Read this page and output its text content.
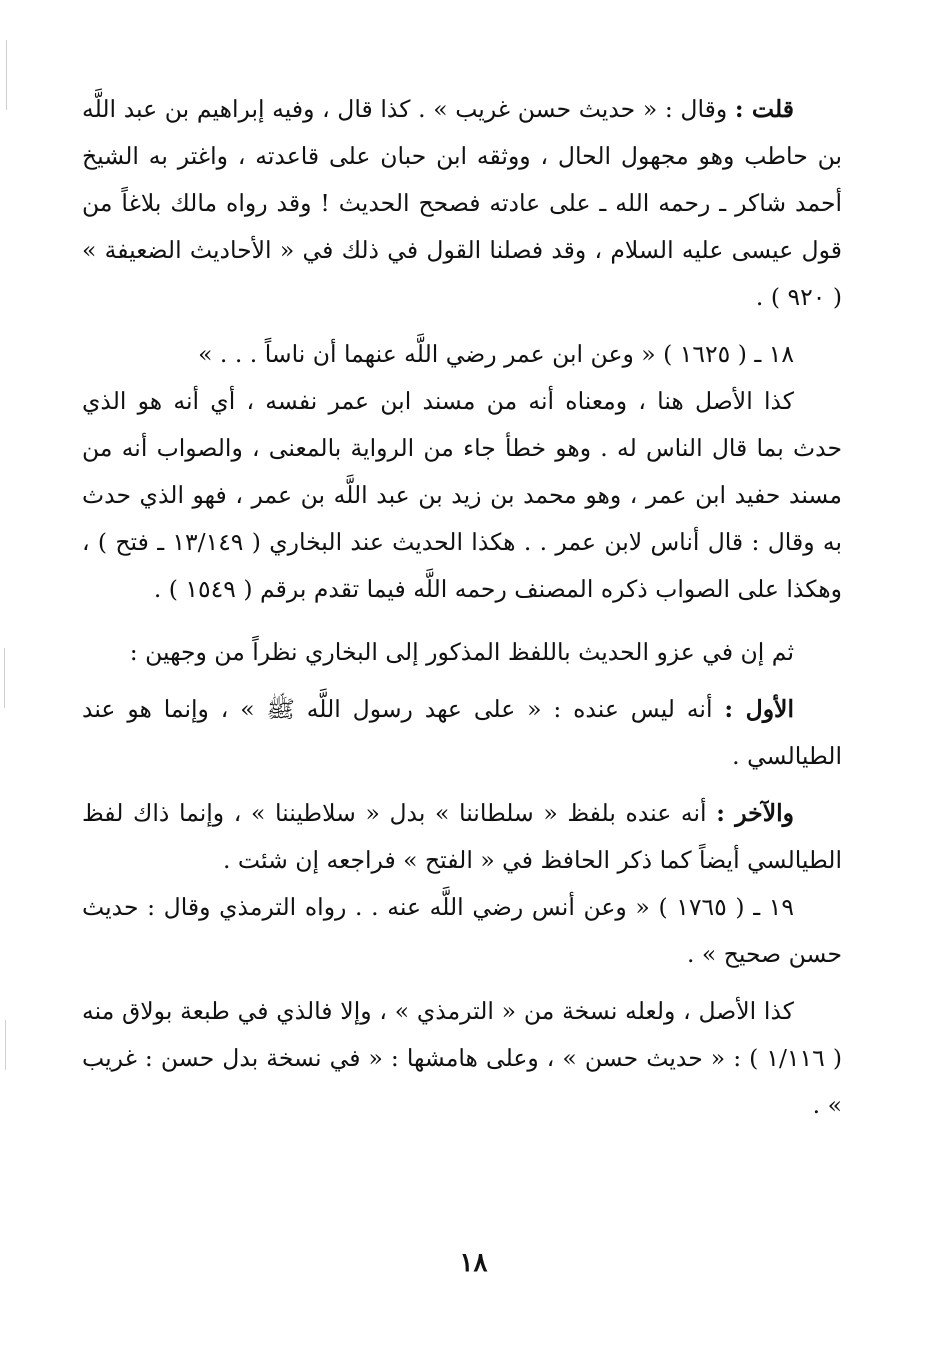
قلت : وقال : « حديث حسن غريب » . كذا قال ، وفيه إبراهيم بن عبد اللَّه بن حاطب وهو مجهول الحال ، ووثقه ابن حبان على قاعدته ، واغتر به الشيخ أحمد شاكر ـ رحمه الله ـ على عادته فصحح الحديث ! وقد رواه مالك بلاغاً من قول عيسى عليه السلام ، وقد فصلنا القول في ذلك في « الأحاديث الضعيفة » ( ٩٢٠ ) .

١٨ ـ ( ١٦٢٥ ) « وعن ابن عمر رضي اللَّه عنهما أن ناساً . . . »

كذا الأصل هنا ، ومعناه أنه من مسند ابن عمر نفسه ، أي أنه هو الذي حدث بما قال الناس له . وهو خطأ جاء من الرواية بالمعنى ، والصواب أنه من مسند حفيد ابن عمر ، وهو محمد بن زيد بن عبد اللَّه بن عمر ، فهو الذي حدث به وقال : قال أناس لابن عمر . . هكذا الحديث عند البخاري ( ١٣/١٤٩ ـ فتح ) ، وهكذا على الصواب ذكره المصنف رحمه اللَّه فيما تقدم برقم ( ١٥٤٩ ) .

ثم إن في عزو الحديث باللفظ المذكور إلى البخاري نظراً من وجهين :

الأول : أنه ليس عنده : « على عهد رسول اللَّه ﷺ » ، وإنما هو عند الطيالسي .

والآخر : أنه عنده بلفظ « سلطاننا » بدل « سلاطيننا » ، وإنما ذاك لفظ الطيالسي أيضاً كما ذكر الحافظ في « الفتح » فراجعه إن شئت .

١٩ ـ ( ١٧٦٥ ) « وعن أنس رضي اللَّه عنه . . رواه الترمذي وقال : حديث حسن صحيح » .

كذا الأصل ، ولعله نسخة من « الترمذي » ، وإلا فالذي في طبعة بولاق منه ( ١/١١٦ ) : « حديث حسن » ، وعلى هامشها : « في نسخة بدل حسن : غريب » .

١٨
